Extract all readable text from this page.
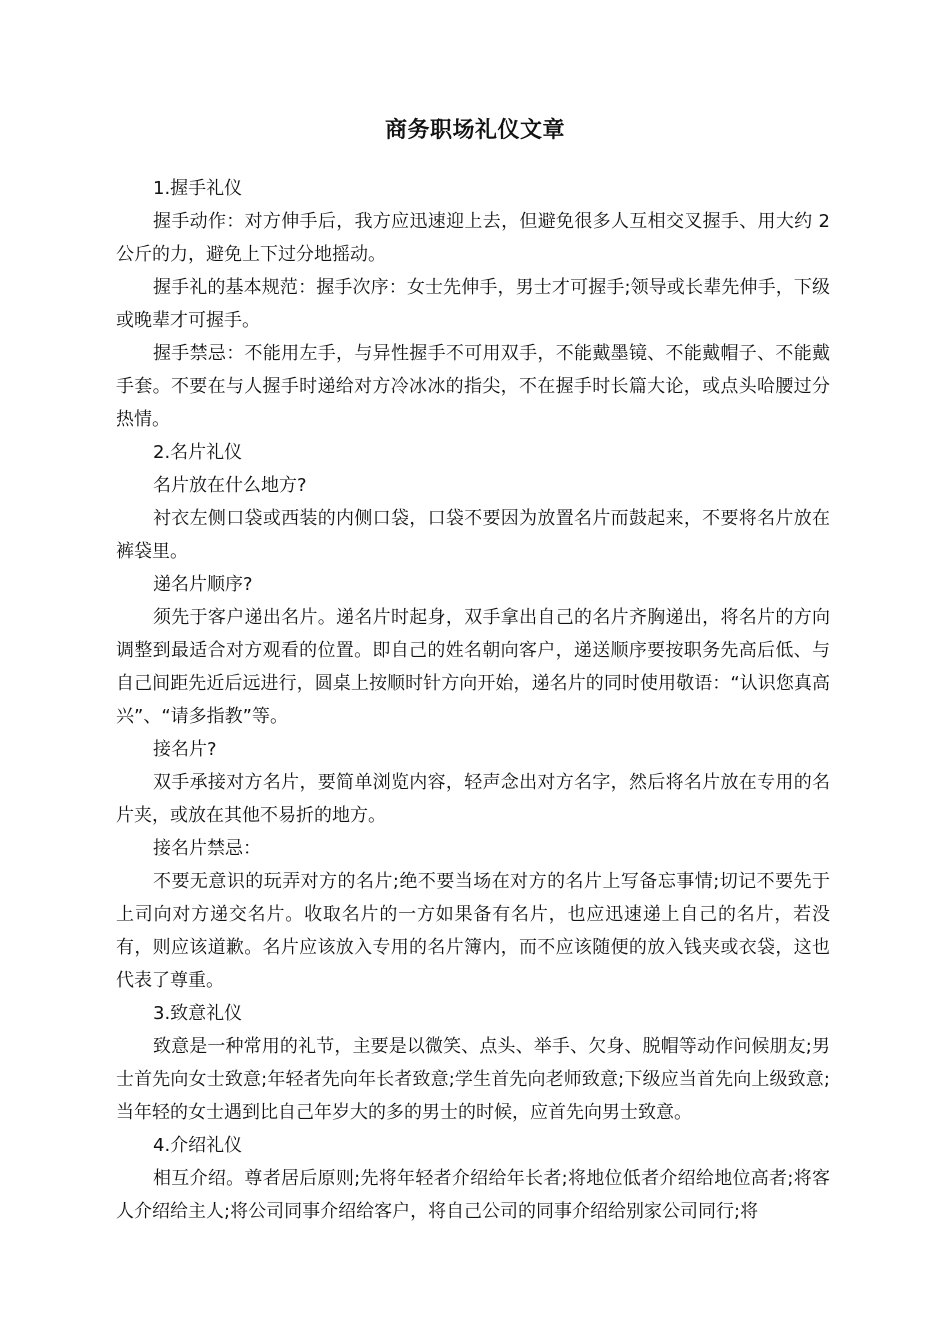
商务职场礼仪文章

1.握手礼仪

握手动作：对方伸手后，我方应迅速迎上去，但避免很多人互相交叉握手、用大约 2 公斤的力，避免上下过分地摇动。

握手礼的基本规范：握手次序：女士先伸手，男士才可握手;领导或长辈先伸手，下级或晚辈才可握手。

握手禁忌：不能用左手，与异性握手不可用双手，不能戴墨镜、不能戴帽子、不能戴手套。不要在与人握手时递给对方冷冰冰的指尖，不在握手时长篇大论，或点头哈腰过分热情。

2.名片礼仪

名片放在什么地方?

衬衣左侧口袋或西装的内侧口袋，口袋不要因为放置名片而鼓起来，不要将名片放在裤袋里。

递名片顺序?

须先于客户递出名片。递名片时起身，双手拿出自己的名片齐胸递出，将名片的方向调整到最适合对方观看的位置。即自己的姓名朝向客户，递送顺序要按职务先高后低、与自己间距先近后远进行，圆桌上按顺时针方向开始，递名片的同时使用敬语：“认识您真高兴”、“请多指教”等。

接名片?

双手承接对方名片，要简单浏览内容，轻声念出对方名字，然后将名片放在专用的名片夹，或放在其他不易折的地方。

接名片禁忌：

不要无意识的玩弄对方的名片;绝不要当场在对方的名片上写备忘事情;切记不要先于上司向对方递交名片。收取名片的一方如果备有名片，也应迅速递上自己的名片，若没有，则应该道歉。名片应该放入专用的名片簿内，而不应该随便的放入钱夹或衣袋，这也代表了尊重。

3.致意礼仪

致意是一种常用的礼节，主要是以微笑、点头、举手、欠身、脱帽等动作问候朋友;男士首先向女士致意;年轻者先向年长者致意;学生首先向老师致意;下级应当首先向上级致意;当年轻的女士遇到比自己年岁大的多的男士的时候，应首先向男士致意。

4.介绍礼仪

相互介绍。尊者居后原则;先将年轻者介绍给年长者;将地位低者介绍给地位高者;将客人介绍给主人;将公司同事介绍给客户，将自己公司的同事介绍给别家公司同行;将
